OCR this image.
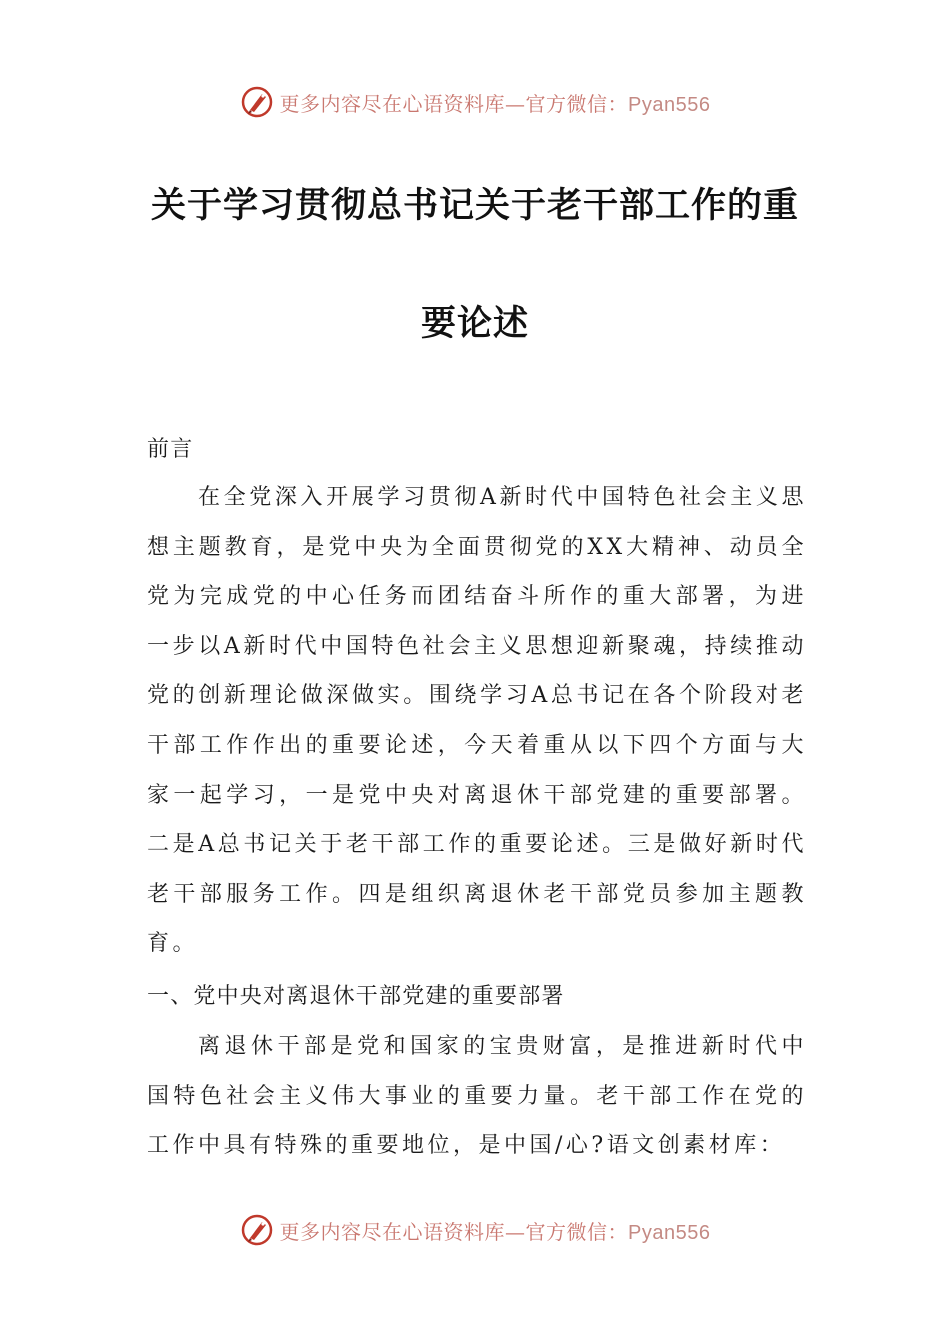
更多内容尽在心语资料库—官方微信：Pyan556
关于学习贯彻总书记关于老干部工作的重
要论述

前言

在全党深入开展学习贯彻A新时代中国特色社会主义思想主题教育，是党中央为全面贯彻党的XX大精神、动员全党为完成党的中心任务而团结奋斗所作的重大部署，为进一步以A新时代中国特色社会主义思想迎新聚魂，持续推动党的创新理论做深做实。围绕学习A总书记在各个阶段对老干部工作作出的重要论述，今天着重从以下四个方面与大家一起学习，一是党中央对离退休干部党建的重要部署。二是A总书记关于老干部工作的重要论述。三是做好新时代老干部服务工作。四是组织离退休老干部党员参加主题教育。

一、党中央对离退休干部党建的重要部署

离退休干部是党和国家的宝贵财富，是推进新时代中国特色社会主义伟大事业的重要力量。老干部工作在党的工作中具有特殊的重要地位，是中国/心?语文创素材库：

更多内容尽在心语资料库—官方微信：Pyan556
